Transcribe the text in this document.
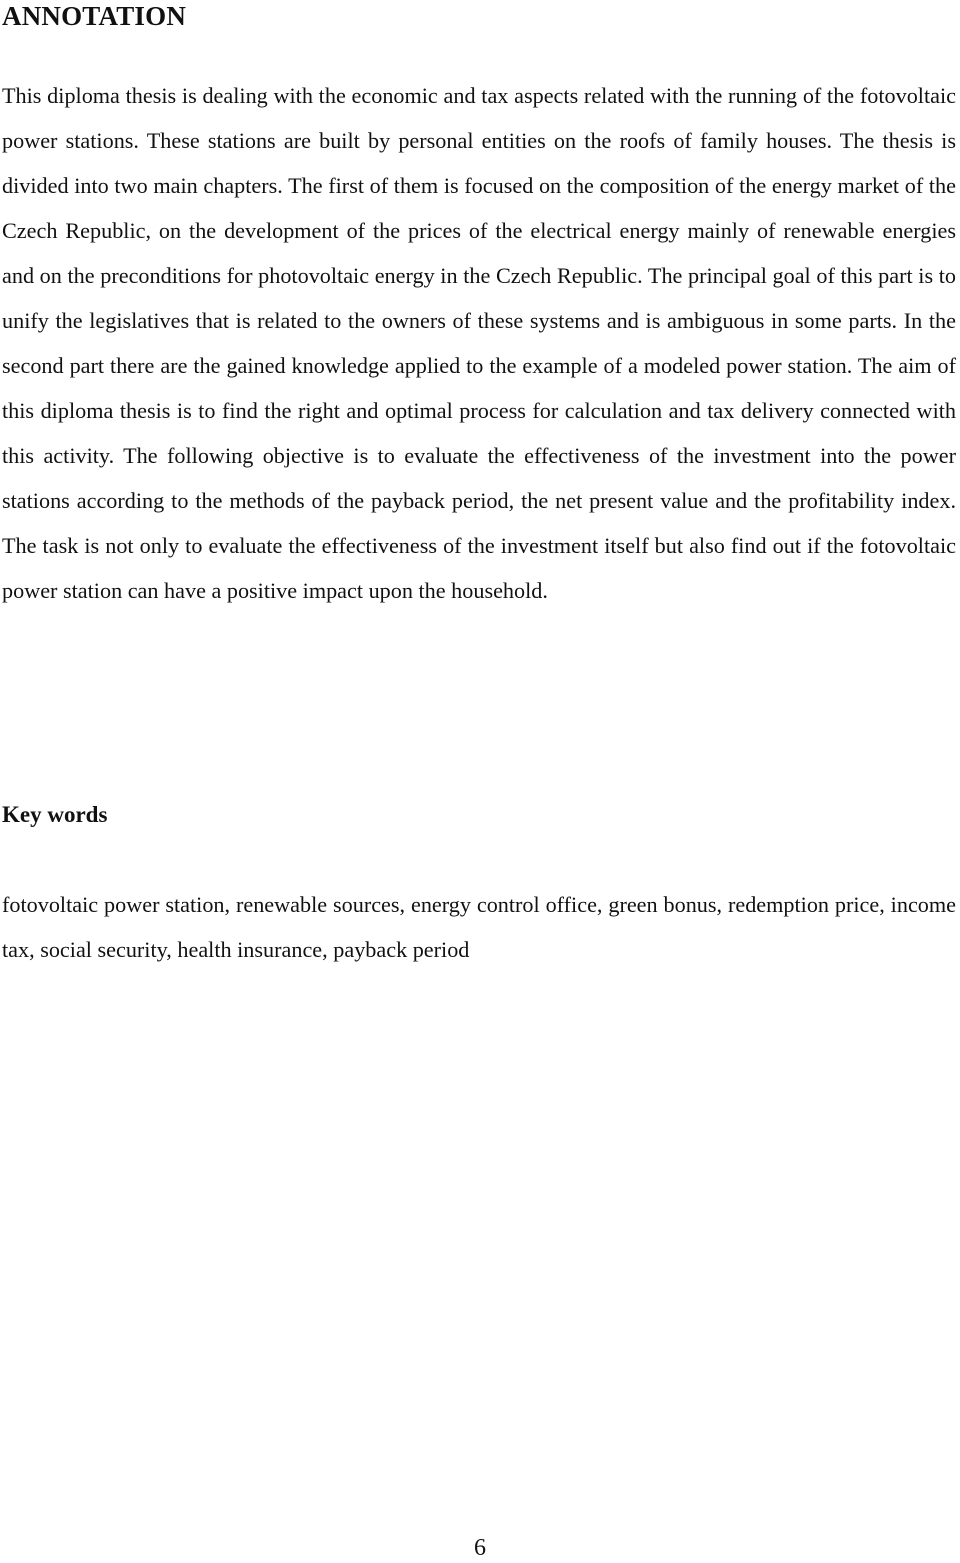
ANNOTATION

This diploma thesis is dealing with the economic and tax aspects related with the running of the fotovoltaic power stations. These stations are built by personal entities on the roofs of family houses. The thesis is divided into two main chapters. The first of them is focused on the composition of the energy market of the Czech Republic, on the development of the prices of the electrical energy mainly of renewable energies and on the preconditions for photovoltaic energy in the Czech Republic. The principal goal of this part is to unify the legislatives that is related to the owners of these systems and is ambiguous in some parts. In the second part there are the gained knowledge applied to the example of a modeled power station. The aim of this diploma thesis is to find the right and optimal process for calculation and tax delivery connected with this activity. The following objective is to evaluate the effectiveness of the investment into the power stations according to the methods of the payback period, the net present value and the profitability index. The task is not only to evaluate the effectiveness of the investment itself but also find out if the fotovoltaic power station can have a positive impact upon the household.

Key words

fotovoltaic power station, renewable sources, energy control office, green bonus, redemption price, income tax, social security, health insurance, payback period

6
